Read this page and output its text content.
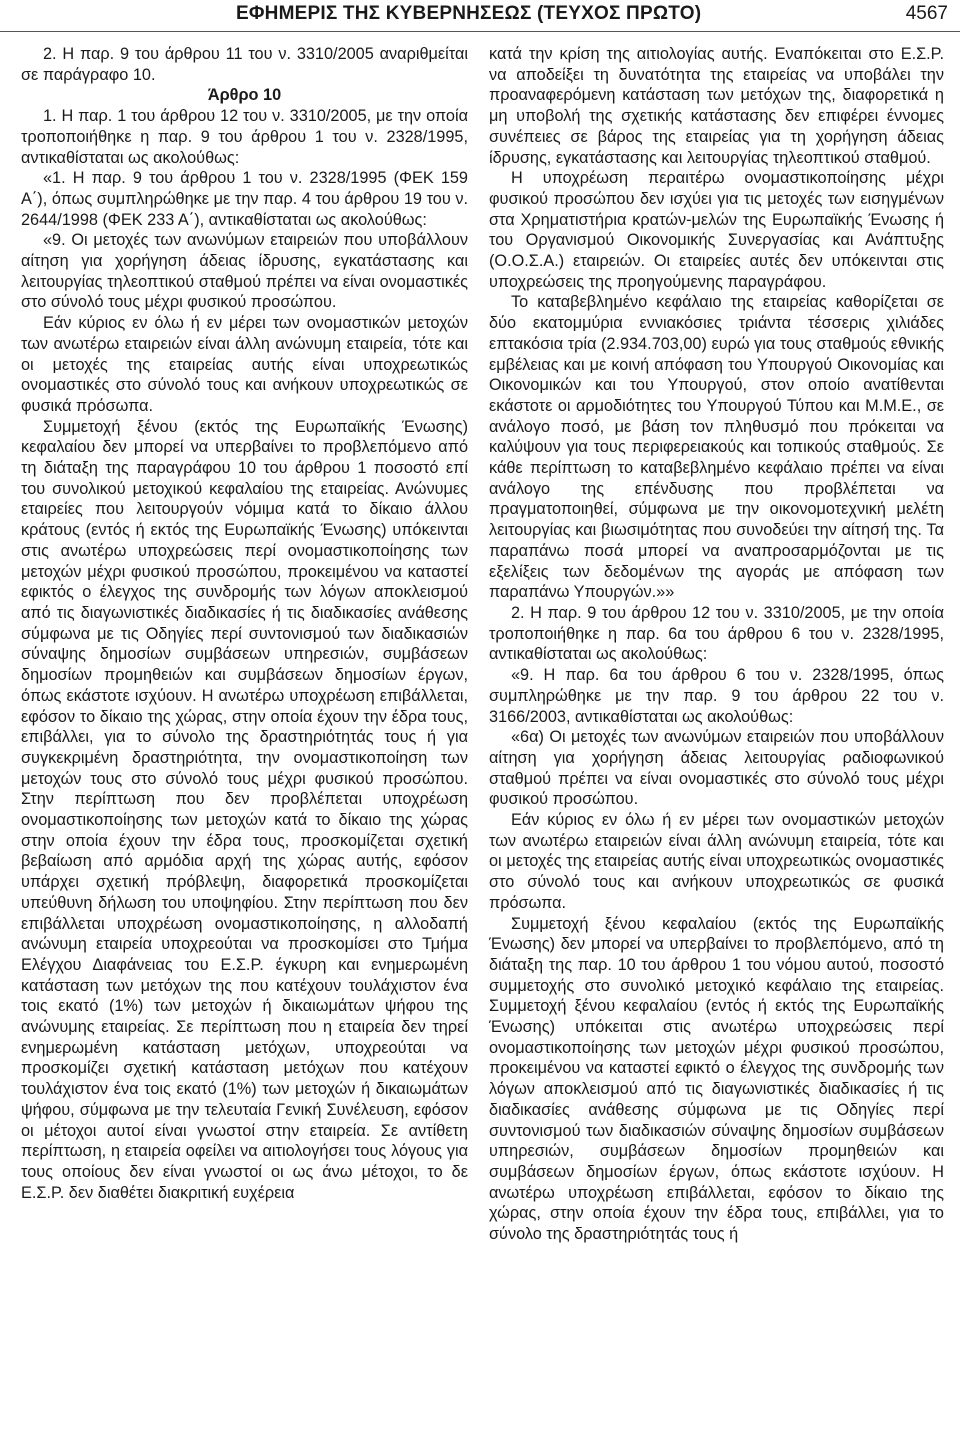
ΕΦΗΜΕΡΙΣ ΤΗΣ ΚΥΒΕΡΝΗΣΕΩΣ (ΤΕΥΧΟΣ ΠΡΩΤΟ)	4567

2. Η παρ. 9 του άρθρου 11 του ν. 3310/2005 αναριθμείται σε παράγραφο 10.

Άρθρο 10

1. Η παρ. 1 του άρθρου 12 του ν. 3310/2005, με την οποία τροποποιήθηκε η παρ. 9 του άρθρου 1 του ν. 2328/1995, αντικαθίσταται ως ακολούθως:

«1. Η παρ. 9 του άρθρου 1 του ν. 2328/1995 (ΦΕΚ 159 Α΄), όπως συμπληρώθηκε με την παρ. 4 του άρθρου 19 του ν. 2644/1998 (ΦΕΚ 233 Α΄), αντικαθίσταται ως ακολούθως:

«9. Οι μετοχές των ανωνύμων εταιρειών που υποβάλλουν αίτηση για χορήγηση άδειας ίδρυσης, εγκατάστασης και λειτουργίας τηλεοπτικού σταθμού πρέπει να είναι ονομαστικές στο σύνολό τους μέχρι φυσικού προσώπου.

Εάν κύριος εν όλω ή εν μέρει των ονομαστικών μετοχών των ανωτέρω εταιρειών είναι άλλη ανώνυμη εταιρεία, τότε και οι μετοχές της εταιρείας αυτής είναι υποχρεωτικώς ονομαστικές στο σύνολό τους και ανήκουν υποχρεωτικώς σε φυσικά πρόσωπα.

Συμμετοχή ξένου (εκτός της Ευρωπαϊκής Ένωσης) κεφαλαίου δεν μπορεί να υπερβαίνει το προβλεπόμενο από τη διάταξη της παραγράφου 10 του άρθρου 1 ποσοστό επί του συνολικού μετοχικού κεφαλαίου της εταιρείας. Ανώνυμες εταιρείες που λειτουργούν νόμιμα κατά το δίκαιο άλλου κράτους (εντός ή εκτός της Ευρωπαϊκής Ένωσης) υπόκεινται στις ανωτέρω υποχρεώσεις περί ονομαστικοποίησης των μετοχών μέχρι φυσικού προσώπου, προκειμένου να καταστεί εφικτός ο έλεγχος της συνδρομής των λόγων αποκλεισμού από τις διαγωνιστικές διαδικασίες ή τις διαδικασίες ανάθεσης σύμφωνα με τις Οδηγίες περί συντονισμού των διαδικασιών σύναψης δημοσίων συμβάσεων υπηρεσιών, συμβάσεων δημοσίων προμηθειών και συμβάσεων δημοσίων έργων, όπως εκάστοτε ισχύουν. Η ανωτέρω υποχρέωση επιβάλλεται, εφόσον το δίκαιο της χώρας, στην οποία έχουν την έδρα τους, επιβάλλει, για το σύνολο της δραστηριότητάς τους ή για συγκεκριμένη δραστηριότητα, την ονομαστικοποίηση των μετοχών τους στο σύνολό τους μέχρι φυσικού προσώπου. Στην περίπτωση που δεν προβλέπεται υποχρέωση ονομαστικοποίησης των μετοχών κατά το δίκαιο της χώρας στην οποία έχουν την έδρα τους, προσκομίζεται σχετική βεβαίωση από αρμόδια αρχή της χώρας αυτής, εφόσον υπάρχει σχετική πρόβλεψη, διαφορετικά προσκομίζεται υπεύθυνη δήλωση του υποψηφίου. Στην περίπτωση που δεν επιβάλλεται υποχρέωση ονομαστικοποίησης, η αλλοδαπή ανώνυμη εταιρεία υποχρεούται να προσκομίσει στο Τμήμα Ελέγχου Διαφάνειας του Ε.Σ.Ρ. έγκυρη και ενημερωμένη κατάσταση των μετόχων της που κατέχουν τουλάχιστον ένα τοις εκατό (1%) των μετοχών ή δικαιωμάτων ψήφου της ανώνυμης εταιρείας. Σε περίπτωση που η εταιρεία δεν τηρεί ενημερωμένη κατάσταση μετόχων, υποχρεούται να προσκομίζει σχετική κατάσταση μετόχων που κατέχουν τουλάχιστον ένα τοις εκατό (1%) των μετοχών ή δικαιωμάτων ψήφου, σύμφωνα με την τελευταία Γενική Συνέλευση, εφόσον οι μέτοχοι αυτοί είναι γνωστοί στην εταιρεία. Σε αντίθετη περίπτωση, η εταιρεία οφείλει να αιτιολογήσει τους λόγους για τους οποίους δεν είναι γνωστοί οι ως άνω μέτοχοι, το δε Ε.Σ.Ρ. δεν διαθέτει διακριτική ευχέρεια

κατά την κρίση της αιτιολογίας αυτής. Εναπόκειται στο Ε.Σ.Ρ. να αποδείξει τη δυνατότητα της εταιρείας να υποβάλει την προαναφερόμενη κατάσταση των μετόχων της, διαφορετικά η μη υποβολή της σχετικής κατάστασης δεν επιφέρει έννομες συνέπειες σε βάρος της εταιρείας για τη χορήγηση άδειας ίδρυσης, εγκατάστασης και λειτουργίας τηλεοπτικού σταθμού.

Η υποχρέωση περαιτέρω ονομαστικοποίησης μέχρι φυσικού προσώπου δεν ισχύει για τις μετοχές των εισηγμένων στα Χρηματιστήρια κρατών-μελών της Ευρωπαϊκής Ένωσης ή του Οργανισμού Οικονομικής Συνεργασίας και Ανάπτυξης (Ο.Ο.Σ.Α.) εταιρειών. Οι εταιρείες αυτές δεν υπόκεινται στις υποχρεώσεις της προηγούμενης παραγράφου.

Το καταβεβλημένο κεφάλαιο της εταιρείας καθορίζεται σε δύο εκατομμύρια εννιακόσιες τριάντα τέσσερις χιλιάδες επτακόσια τρία (2.934.703,00) ευρώ για τους σταθμούς εθνικής εμβέλειας και με κοινή απόφαση του Υπουργού Οικονομίας και Οικονομικών και του Υπουργού, στον οποίο ανατίθενται εκάστοτε οι αρμοδιότητες του Υπουργού Τύπου και Μ.Μ.Ε., σε ανάλογο ποσό, με βάση τον πληθυσμό που πρόκειται να καλύψουν για τους περιφερειακούς και τοπικούς σταθμούς. Σε κάθε περίπτωση το καταβεβλημένο κεφάλαιο πρέπει να είναι ανάλογο της επένδυσης που προβλέπεται να πραγματοποιηθεί, σύμφωνα με την οικονομοτεχνική μελέτη λειτουργίας και βιωσιμότητας που συνοδεύει την αίτησή της. Τα παραπάνω ποσά μπορεί να αναπροσαρμόζονται με τις εξελίξεις των δεδομένων της αγοράς με απόφαση των παραπάνω Υπουργών.»»

2. Η παρ. 9 του άρθρου 12 του ν. 3310/2005, με την οποία τροποποιήθηκε η παρ. 6α του άρθρου 6 του ν. 2328/1995, αντικαθίσταται ως ακολούθως:

«9. Η παρ. 6α του άρθρου 6 του ν. 2328/1995, όπως συμπληρώθηκε με την παρ. 9 του άρθρου 22 του ν. 3166/2003, αντικαθίσταται ως ακολούθως:

«6α) Οι μετοχές των ανωνύμων εταιρειών που υποβάλλουν αίτηση για χορήγηση άδειας λειτουργίας ραδιοφωνικού σταθμού πρέπει να είναι ονομαστικές στο σύνολό τους μέχρι φυσικού προσώπου.

Εάν κύριος εν όλω ή εν μέρει των ονομαστικών μετοχών των ανωτέρω εταιρειών είναι άλλη ανώνυμη εταιρεία, τότε και οι μετοχές της εταιρείας αυτής είναι υποχρεωτικώς ονομαστικές στο σύνολό τους και ανήκουν υποχρεωτικώς σε φυσικά πρόσωπα.

Συμμετοχή ξένου κεφαλαίου (εκτός της Ευρωπαϊκής Ένωσης) δεν μπορεί να υπερβαίνει το προβλεπόμενο, από τη διάταξη της παρ. 10 του άρθρου 1 του νόμου αυτού, ποσοστό συμμετοχής στο συνολικό μετοχικό κεφάλαιο της εταιρείας. Συμμετοχή ξένου κεφαλαίου (εντός ή εκτός της Ευρωπαϊκής Ένωσης) υπόκειται στις ανωτέρω υποχρεώσεις περί ονομαστικοποίησης των μετοχών μέχρι φυσικού προσώπου, προκειμένου να καταστεί εφικτό ο έλεγχος της συνδρομής των λόγων αποκλεισμού από τις διαγωνιστικές διαδικασίες ή τις διαδικασίες ανάθεσης σύμφωνα με τις Οδηγίες περί συντονισμού των διαδικασιών σύναψης δημοσίων συμβάσεων υπηρεσιών, συμβάσεων δημοσίων προμηθειών και συμβάσεων δημοσίων έργων, όπως εκάστοτε ισχύουν. Η ανωτέρω υποχρέωση επιβάλλεται, εφόσον το δίκαιο της χώρας, στην οποία έχουν την έδρα τους, επιβάλλει, για το σύνολο της δραστηριότητάς τους ή
